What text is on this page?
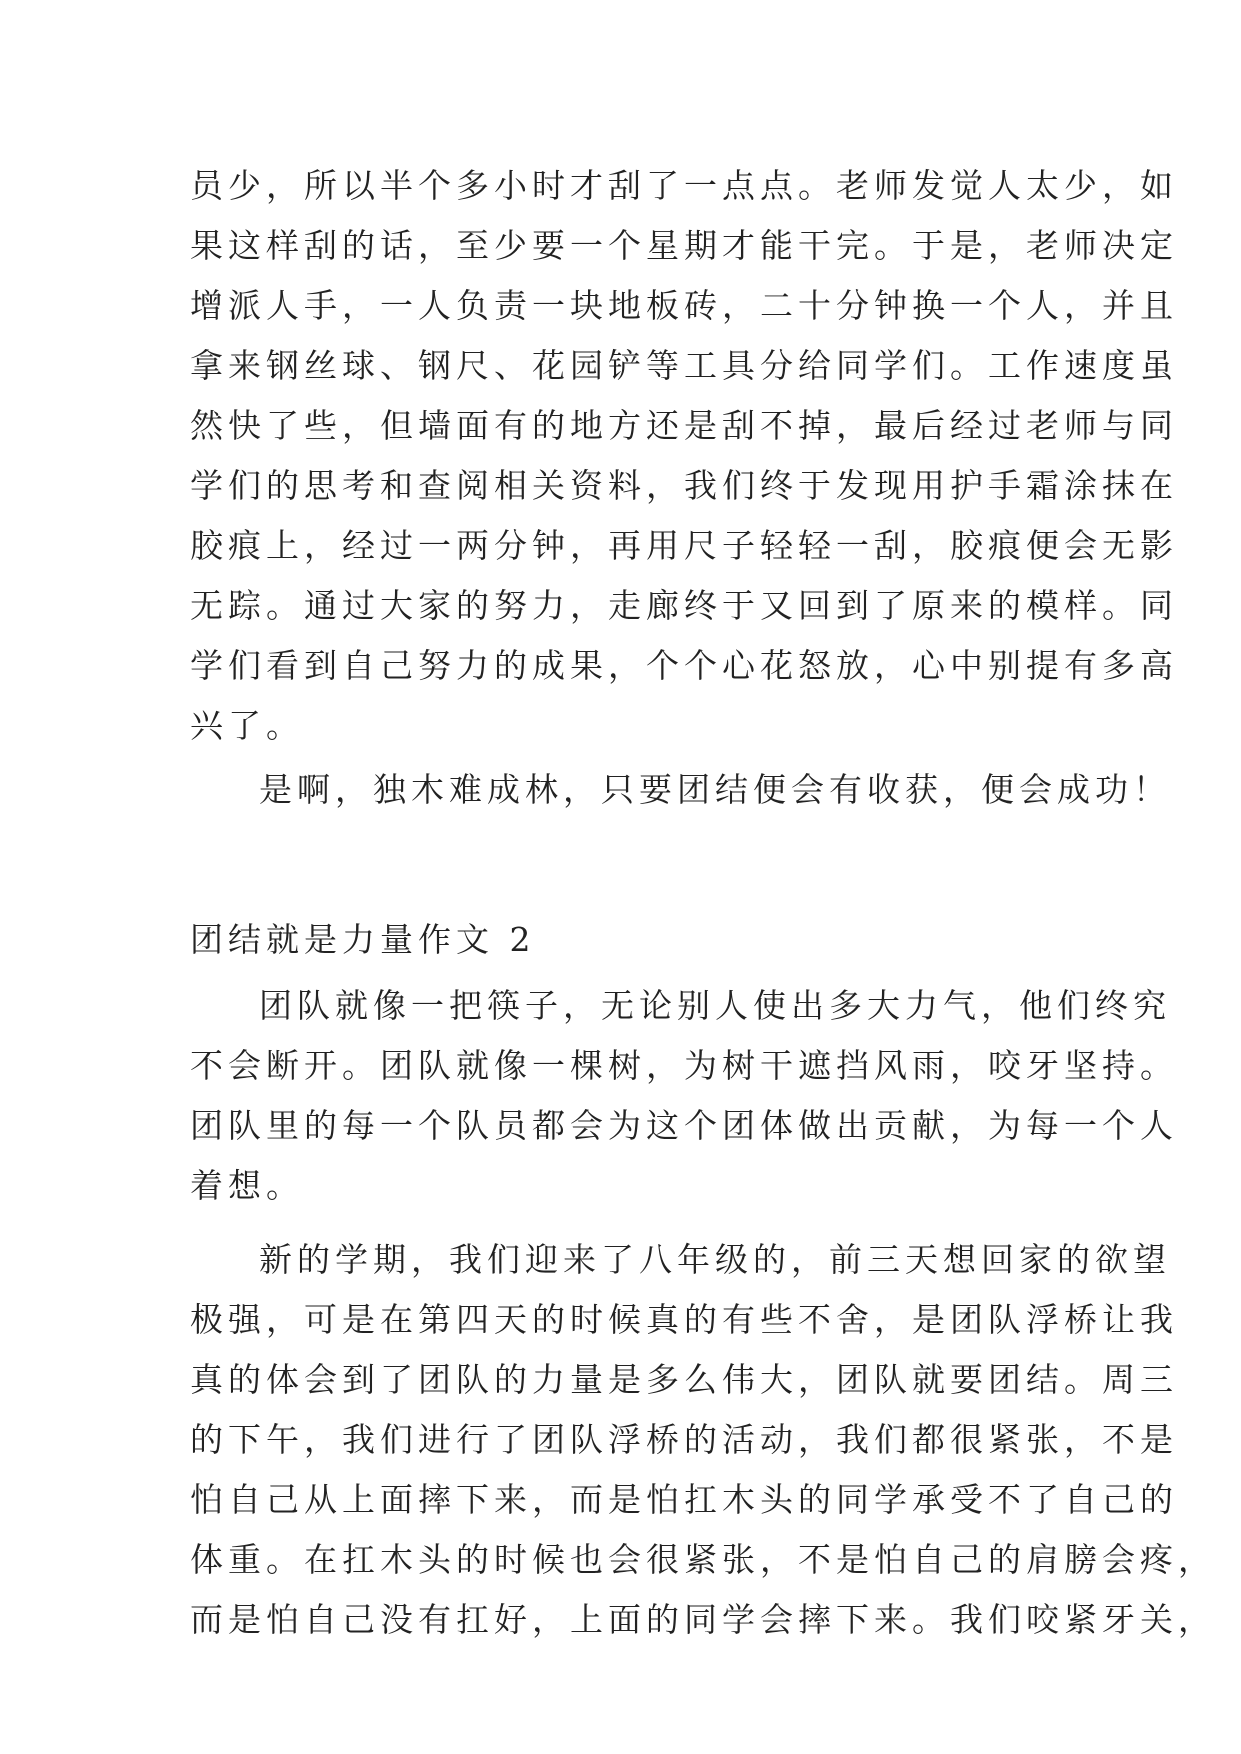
员少，所以半个多小时才刮了一点点。老师发觉人太少，如
果这样刮的话，至少要一个星期才能干完。于是，老师决定
增派人手，一人负责一块地板砖，二十分钟换一个人，并且
拿来钢丝球、钢尺、花园铲等工具分给同学们。工作速度虽
然快了些，但墙面有的地方还是刮不掉，最后经过老师与同
学们的思考和查阅相关资料，我们终于发现用护手霜涂抹在
胶痕上，经过一两分钟，再用尺子轻轻一刮，胶痕便会无影
无踪。通过大家的努力，走廊终于又回到了原来的模样。同
学们看到自己努力的成果，个个心花怒放，心中别提有多高
兴了。
是啊，独木难成林，只要团结便会有收获，便会成功！
团结就是力量作文 2
团队就像一把筷子，无论别人使出多大力气，他们终究
不会断开。团队就像一棵树，为树干遮挡风雨，咬牙坚持。
团队里的每一个队员都会为这个团体做出贡献，为每一个人
着想。
新的学期，我们迎来了八年级的，前三天想回家的欲望
极强，可是在第四天的时候真的有些不舍，是团队浮桥让我
真的体会到了团队的力量是多么伟大，团队就要团结。周三
的下午，我们进行了团队浮桥的活动，我们都很紧张，不是
怕自己从上面摔下来，而是怕扛木头的同学承受不了自己的
体重。在扛木头的时候也会很紧张，不是怕自己的肩膀会疼，
而是怕自己没有扛好，上面的同学会摔下来。我们咬紧牙关，
